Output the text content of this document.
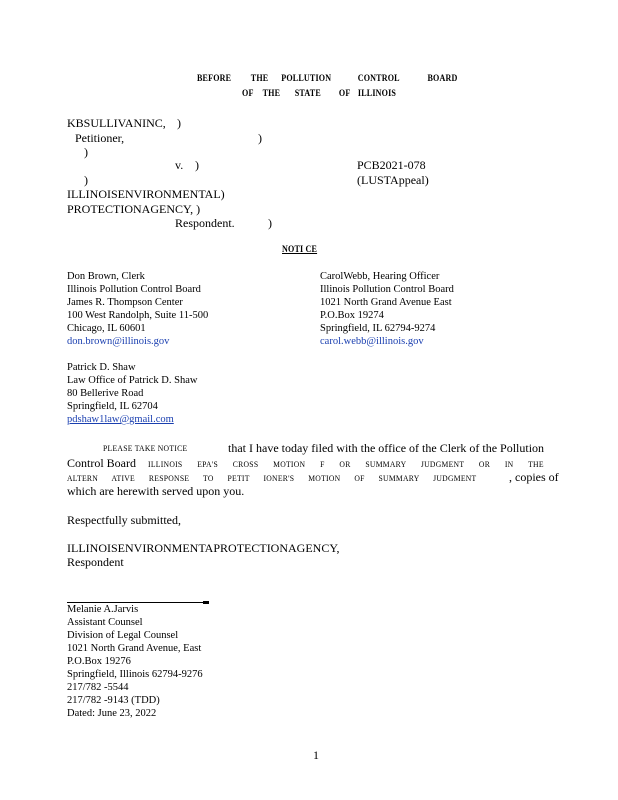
BEFORE THE POLLUTION	CONTROL	BOARD
OF THE STATE OF ILLINOIS
KBSULLIVANINC, )
Petitioner,	)
)
v. )	PCB2021-078
)	(LUSTAppeal)
ILLINOISENVIRONMENTAL)
PROTECTIONAGENCY, )
Respondent.	)
NOTI CE
Don Brown, Clerk
Illinois Pollution Control Board
James R. Thompson Center
100 West Randolph, Suite 11-500
Chicago, IL 60601
don.brown@illinois.gov
CarolWebb, Hearing Officer
Illinois Pollution Control Board
1021 North Grand Avenue East
P.O.Box 19274
Springfield, IL 62794-9274
carol.webb@illinois.gov
Patrick D. Shaw
Law Office of Patrick D. Shaw
80 Bellerive Road
Springfield, IL 62704
pdshaw1law@gmail.com
PLEASE TAKE NOTICE	that I have today filed with the office of the Clerk of the Pollution
Control Board ILLINOIS EPA'S CROSS MOTION F OR SUMMARY JUDGMENT OR IN THE
ALTERN ATIVE RESPONSE TO PETIT IONER'S MOTION OF SUMMARY JUDGMENT	, copies of
which are herewith served upon you.
Respectfully submitted,
ILLINOISENVIRONMENTAPROTECTIONAGENCY,
Respondent
Melanie A.Jarvis
Assistant Counsel
Division of Legal Counsel
1021 North Grand Avenue, East
P.O.Box 19276
Springfield, Illinois 62794-9276
217/782 -5544
217/782 -9143 (TDD)
Dated: June 23, 2022
1
